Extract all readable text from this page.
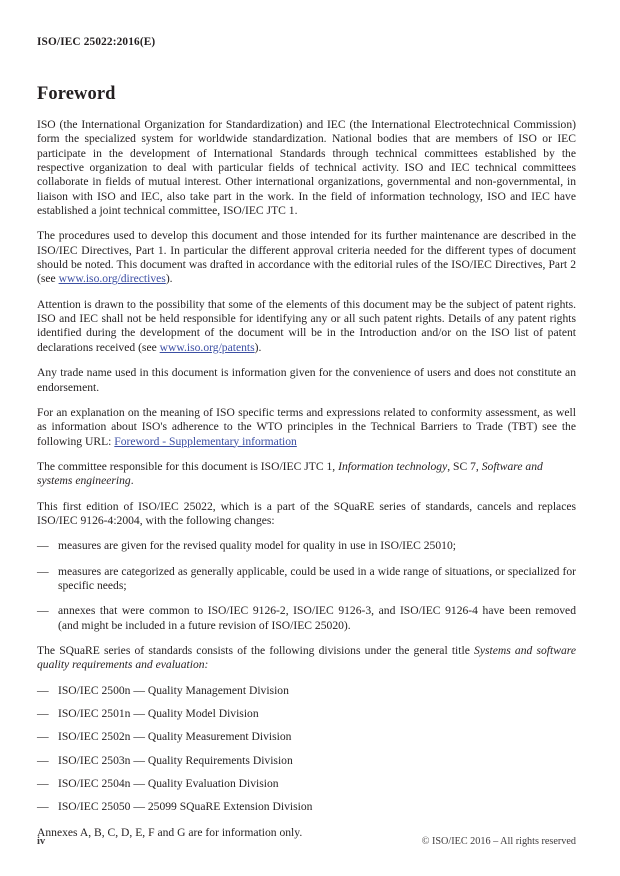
ISO/IEC 25022:2016(E)
Foreword

ISO (the International Organization for Standardization) and IEC (the International Electrotechnical Commission) form the specialized system for worldwide standardization. National bodies that are members of ISO or IEC participate in the development of International Standards through technical committees established by the respective organization to deal with particular fields of technical activity. ISO and IEC technical committees collaborate in fields of mutual interest. Other international organizations, governmental and non-governmental, in liaison with ISO and IEC, also take part in the work. In the field of information technology, ISO and IEC have established a joint technical committee, ISO/IEC JTC 1.

The procedures used to develop this document and those intended for its further maintenance are described in the ISO/IEC Directives, Part 1. In particular the different approval criteria needed for the different types of document should be noted. This document was drafted in accordance with the editorial rules of the ISO/IEC Directives, Part 2 (see www.iso.org/directives).

Attention is drawn to the possibility that some of the elements of this document may be the subject of patent rights. ISO and IEC shall not be held responsible for identifying any or all such patent rights. Details of any patent rights identified during the development of the document will be in the Introduction and/or on the ISO list of patent declarations received (see www.iso.org/patents).

Any trade name used in this document is information given for the convenience of users and does not constitute an endorsement.

For an explanation on the meaning of ISO specific terms and expressions related to conformity assessment, as well as information about ISO's adherence to the WTO principles in the Technical Barriers to Trade (TBT) see the following URL: Foreword - Supplementary information

The committee responsible for this document is ISO/IEC JTC 1, Information technology, SC 7, Software and systems engineering.

This first edition of ISO/IEC 25022, which is a part of the SQuaRE series of standards, cancels and replaces ISO/IEC 9126-4:2004, with the following changes:

— measures are given for the revised quality model for quality in use in ISO/IEC 25010;
— measures are categorized as generally applicable, could be used in a wide range of situations, or specialized for specific needs;
— annexes that were common to ISO/IEC 9126-2, ISO/IEC 9126-3, and ISO/IEC 9126-4 have been removed (and might be included in a future revision of ISO/IEC 25020).

The SQuaRE series of standards consists of the following divisions under the general title Systems and software quality requirements and evaluation:

— ISO/IEC 2500n — Quality Management Division
— ISO/IEC 2501n — Quality Model Division
— ISO/IEC 2502n — Quality Measurement Division
— ISO/IEC 2503n — Quality Requirements Division
— ISO/IEC 2504n — Quality Evaluation Division
— ISO/IEC 25050 — 25099 SQuaRE Extension Division

Annexes A, B, C, D, E, F and G are for information only.

iv	© ISO/IEC 2016 – All rights reserved
